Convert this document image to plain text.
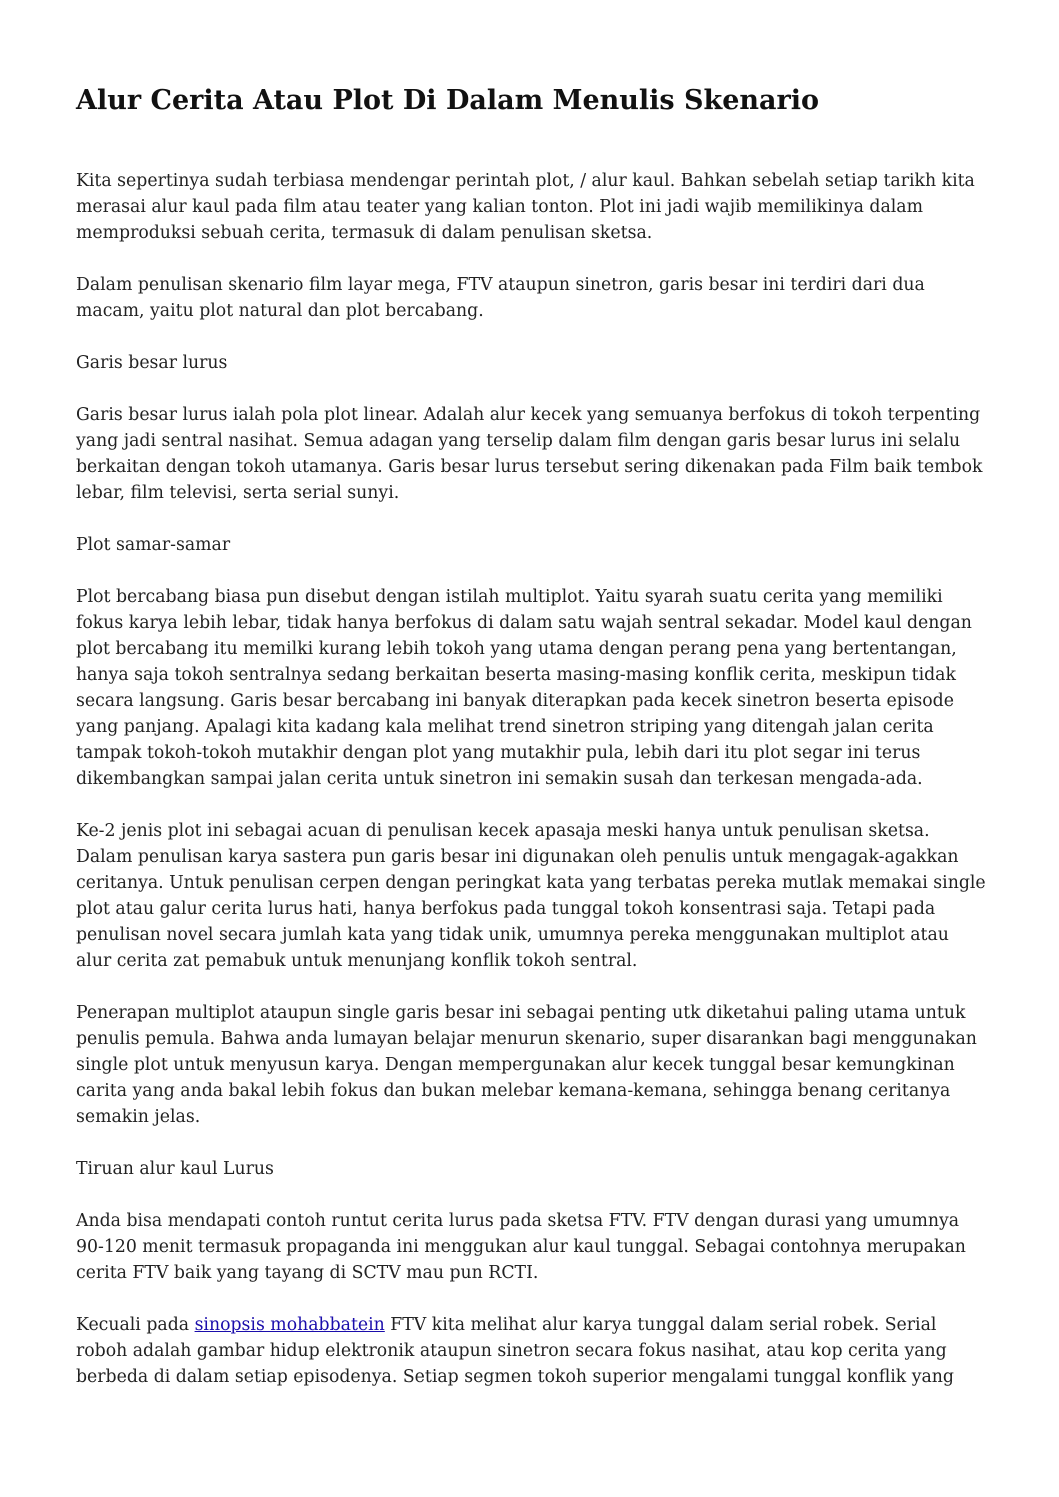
Alur Cerita Atau Plot Di Dalam Menulis Skenario

Kita sepertinya sudah terbiasa mendengar perintah plot, / alur kaul. Bahkan sebelah setiap tarikh kita merasai alur kaul pada film atau teater yang kalian tonton. Plot ini jadi wajib memilikinya dalam memproduksi sebuah cerita, termasuk di dalam penulisan sketsa.

Dalam penulisan skenario film layar mega, FTV ataupun sinetron, garis besar ini terdiri dari dua macam, yaitu plot natural dan plot bercabang.

Garis besar lurus

Garis besar lurus ialah pola plot linear. Adalah alur kecek yang semuanya berfokus di tokoh terpenting yang jadi sentral nasihat. Semua adagan yang terselip dalam film dengan garis besar lurus ini selalu berkaitan dengan tokoh utamanya. Garis besar lurus tersebut sering dikenakan pada Film baik tembok lebar, film televisi, serta serial sunyi.

Plot samar-samar

Plot bercabang biasa pun disebut dengan istilah multiplot. Yaitu syarah suatu cerita yang memiliki fokus karya lebih lebar, tidak hanya berfokus di dalam satu wajah sentral sekadar. Model kaul dengan plot bercabang itu memilki kurang lebih tokoh yang utama dengan perang pena yang bertentangan, hanya saja tokoh sentralnya sedang berkaitan beserta masing-masing konflik cerita, meskipun tidak secara langsung. Garis besar bercabang ini banyak diterapkan pada kecek sinetron beserta episode yang panjang. Apalagi kita kadang kala melihat trend sinetron striping yang ditengah jalan cerita tampak tokoh-tokoh mutakhir dengan plot yang mutakhir pula, lebih dari itu plot segar ini terus dikembangkan sampai jalan cerita untuk sinetron ini semakin susah dan terkesan mengada-ada.

Ke-2 jenis plot ini sebagai acuan di penulisan kecek apasaja meski hanya untuk penulisan sketsa. Dalam penulisan karya sastera pun garis besar ini digunakan oleh penulis untuk mengagak-agakkan ceritanya. Untuk penulisan cerpen dengan peringkat kata yang terbatas pereka mutlak memakai single plot atau galur cerita lurus hati, hanya berfokus pada tunggal tokoh konsentrasi saja. Tetapi pada penulisan novel secara jumlah kata yang tidak unik, umumnya pereka menggunakan multiplot atau alur cerita zat pemabuk untuk menunjang konflik tokoh sentral.

Penerapan multiplot ataupun single garis besar ini sebagai penting utk diketahui paling utama untuk penulis pemula. Bahwa anda lumayan belajar menurun skenario, super disarankan bagi menggunakan single plot untuk menyusun karya. Dengan mempergunakan alur kecek tunggal besar kemungkinan carita yang anda bakal lebih fokus dan bukan melebar kemana-kemana, sehingga benang ceritanya semakin jelas.

Tiruan alur kaul Lurus

Anda bisa mendapati contoh runtut cerita lurus pada sketsa FTV. FTV dengan durasi yang umumnya 90-120 menit termasuk propaganda ini menggukan alur kaul tunggal. Sebagai contohnya merupakan cerita FTV baik yang tayang di SCTV mau pun RCTI.

Kecuali pada sinopsis mohabbatein FTV kita melihat alur karya tunggal dalam serial robek. Serial roboh adalah gambar hidup elektronik ataupun sinetron secara fokus nasihat, atau kop cerita yang berbeda di dalam setiap episodenya. Setiap segmen tokoh superior mengalami tunggal konflik yang
